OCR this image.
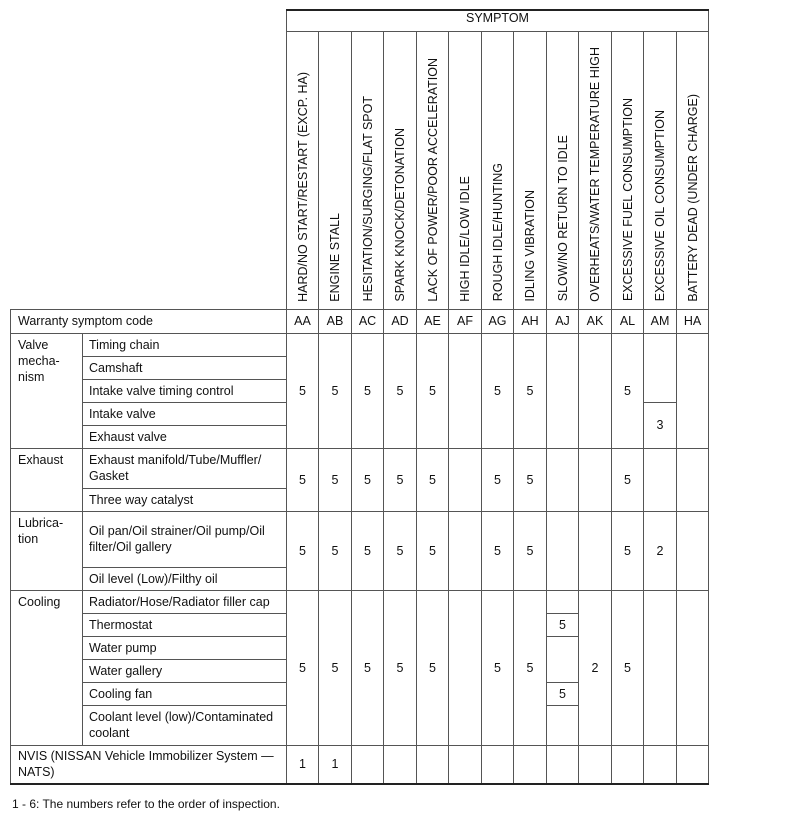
		SYMPTOM												
		HARD/NO START/RESTART (EXCP. HA)	ENGINE STALL	HESITATION/SURGING/FLAT SPOT	SPARK KNOCK/DETONATION	LACK OF POWER/POOR ACCELERATION	HIGH IDLE/LOW IDLE	ROUGH IDLE/HUNTING	IDLING VIBRATION	SLOW/NO RETURN TO IDLE	OVERHEATS/WATER TEMPERATURE HIGH	EXCESSIVE FUEL CONSUMPTION	EXCESSIVE OIL CONSUMPTION	BATTERY DEAD (UNDER CHARGE)
Warranty symptom code		AA	AB	AC	AD	AE	AF	AG	AH	AJ	AK	AL	AM	HA
Valve mecha-nism	Timing chain	5	5	5	5	5		5	5			5		
	Camshaft													
	Intake valve timing control													
	Intake valve												3	
	Exhaust valve													
Exhaust	Exhaust manifold/Tube/Muffler/ Gasket	5	5	5	5	5		5	5			5		
	Three way catalyst													
Lubrica-tion	Oil pan/Oil strainer/Oil pump/Oil filter/Oil gallery	5	5	5	5	5		5	5			5	2	
	Oil level (Low)/Filthy oil													
Cooling	Radiator/Hose/Radiator filler cap	5	5	5	5	5		5	5		2	5		
	Thermostat									5				
	Water pump													
	Water gallery													
	Cooling fan									5				
	Coolant level (low)/Contaminated coolant													
NVIS (NISSAN Vehicle Immobilizer System — NATS)		1	1											
1 - 6: The numbers refer to the order of inspection.
